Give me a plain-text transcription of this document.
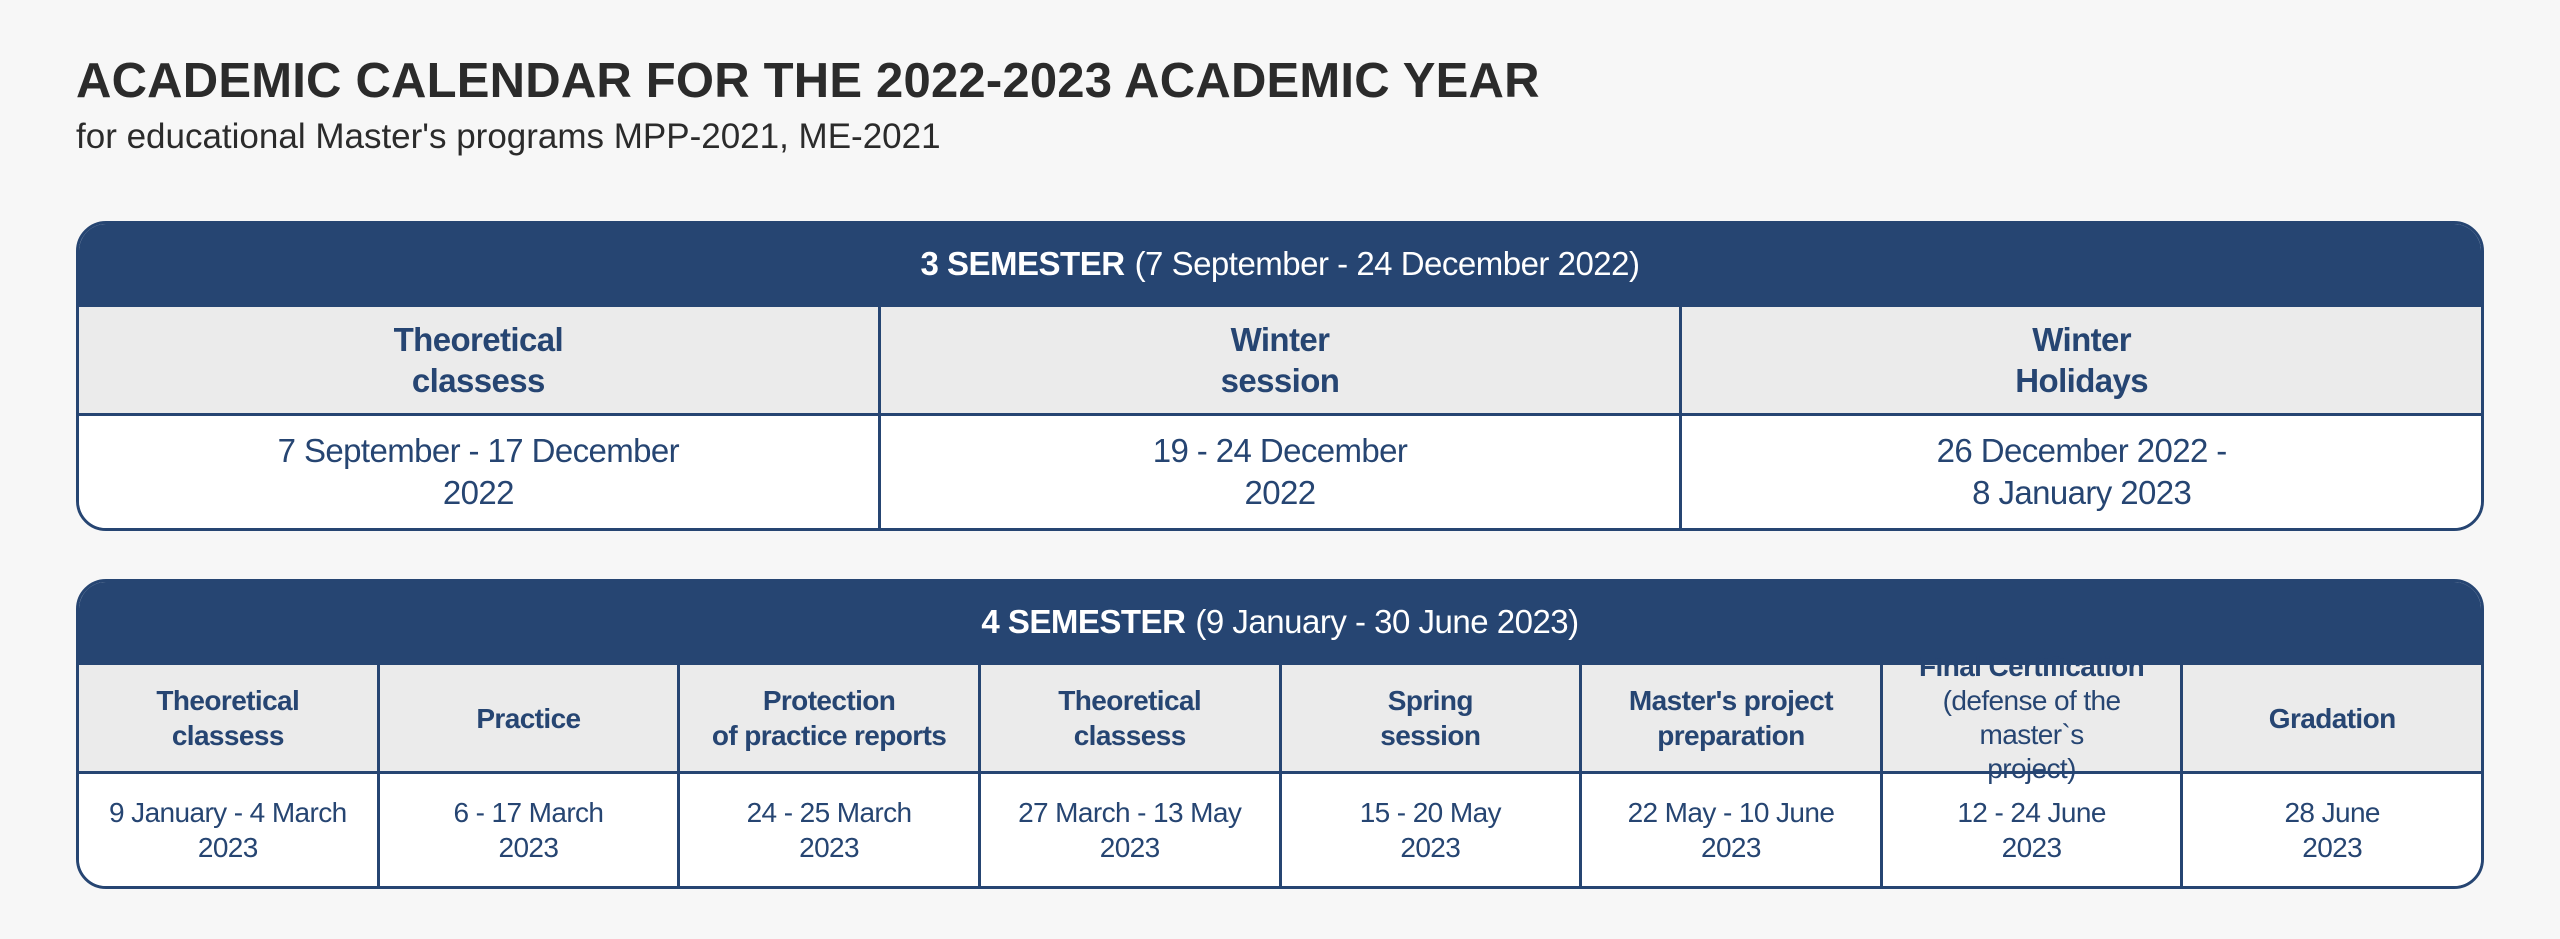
ACADEMIC CALENDAR FOR THE 2022-2023 ACADEMIC YEAR

for educational Master's programs MPP-2021, ME-2021

3 SEMESTER (7 September - 24 December 2022)
Theoretical
classess
Winter
session
Winter
Holidays
7 September - 17 December
2022
19 - 24 December
2022
26 December 2022 -
8 January 2023
4 SEMESTER (9 January - 30 June 2023)
Theoretical
classess
Practice
Protection
of practice reports
Theoretical
classess
Spring
session
Master's project
preparation
Final Certification
(defense of the master`s
project)
Gradation
9 January - 4 March
2023
6 - 17 March
2023
24 - 25 March
2023
27 March - 13 May
2023
15 - 20 May
2023
22 May - 10 June
2023
12 - 24 June
2023
28 June
2023
